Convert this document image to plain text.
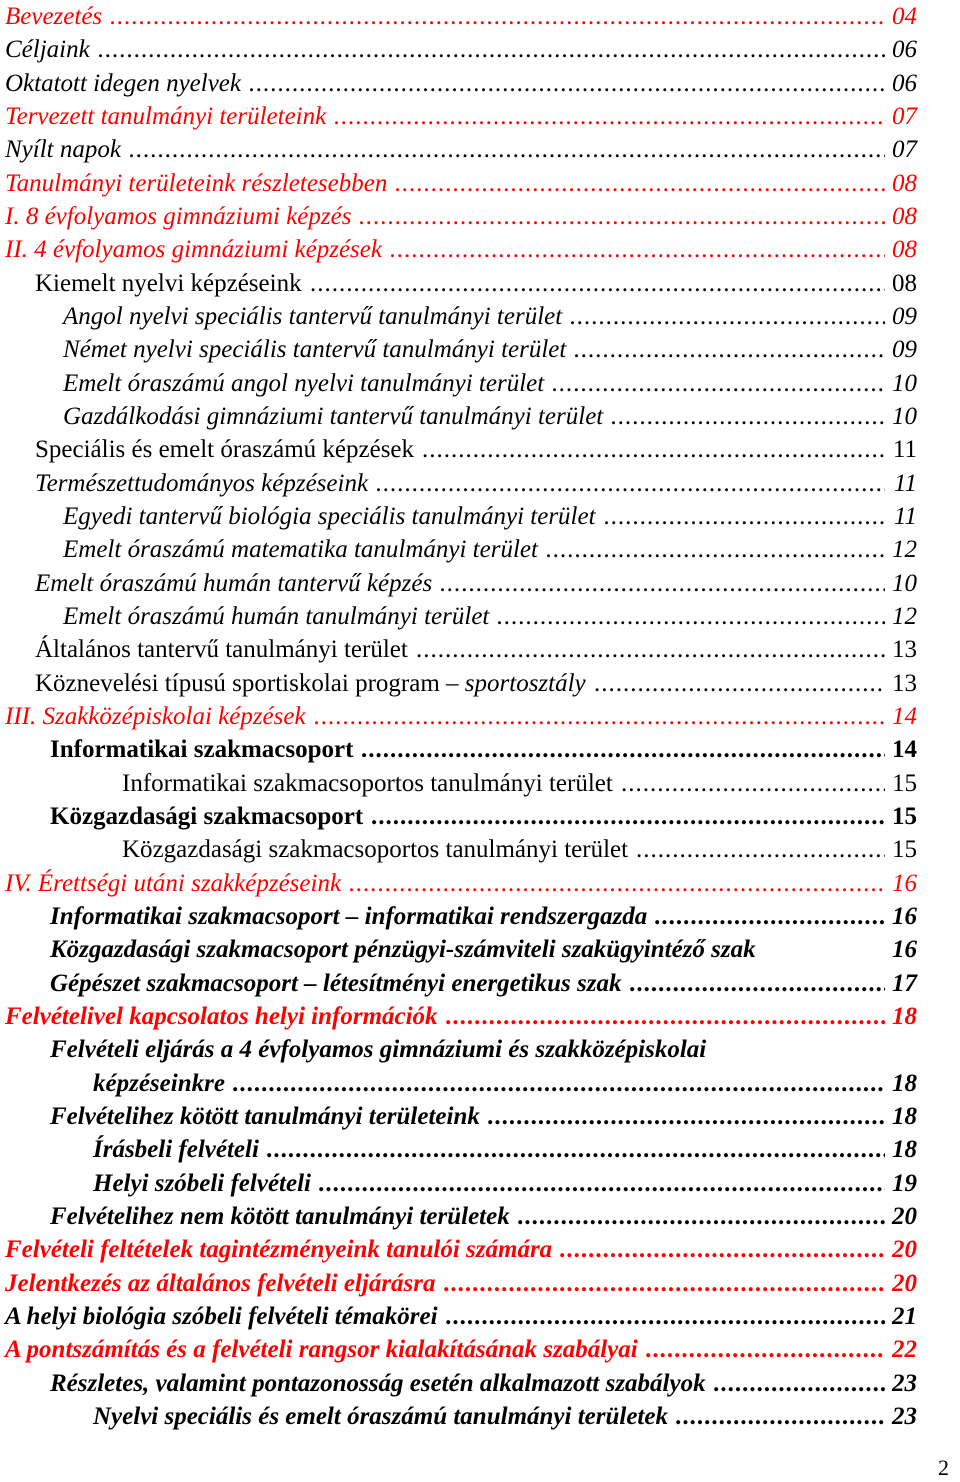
Bevezetés .....	04
Céljaink .....	06
Oktatott idegen nyelvek .....	06
Tervezett tanulmányi területeink .....	07
Nyílt napok .....	07
Tanulmányi területeink részletesebben .....	08
I. 8 évfolyamos gimnáziumi képzés .....	08
II. 4 évfolyamos gimnáziumi képzések .....	08
Kiemelt nyelvi képzéseink .....	08
Angol nyelvi speciális tantervű tanulmányi terület .....	09
Német nyelvi speciális tantervű tanulmányi terület .....	09
Emelt óraszámú angol nyelvi tanulmányi terület .....	10
Gazdálkodási gimnáziumi tantervű tanulmányi terület .....	10
Speciális és emelt óraszámú képzések .....	11
Természettudományos képzéseink .....	11
Egyedi tantervű biológia speciális tanulmányi terület .....	11
Emelt óraszámú matematika tanulmányi terület .....	12
Emelt óraszámú humán tantervű képzés .....	10
Emelt óraszámú humán tanulmányi terület .....	12
Általános tantervű tanulmányi terület .....	13
Köznevelési típusú sportiskolai program – sportosztály .....	13
III. Szakközépiskolai képzések .....	14
Informatikai szakmacsoport .....	14
Informatikai szakmacsoportos tanulmányi terület .....	15
Közgazdasági szakmacsoport .....	15
Közgazdasági szakmacsoportos tanulmányi terület .....	15
IV. Érettségi utáni szakképzéseink .....	16
Informatikai szakmacsoport – informatikai rendszergazda .....	16
Közgazdasági szakmacsoport pénzügyi-számviteli szakügyintéző szak	16
Gépészet szakmacsoport – létesítményi energetikus szak .....	17
Felvételivel kapcsolatos helyi információk .....	18
Felvételi eljárás a 4 évfolyamos gimnáziumi és szakközépiskolai
képzéseinkre .....	18
Felvételihez kötött tanulmányi területeink .....	18
Írásbeli felvételi .....	18
Helyi szóbeli felvételi .....	19
Felvételihez nem kötött tanulmányi területek .....	20
Felvételi feltételek tagintézményeink tanulói számára .....	20
Jelentkezés az általános felvételi eljárásra .....	20
A helyi biológia szóbeli felvételi témakörei .....	21
A pontszámítás és a felvételi rangsor kialakításának szabályai .....	22
Részletes, valamint pontazonosság esetén alkalmazott szabályok .....	23
Nyelvi speciális és emelt óraszámú tanulmányi területek .....	23
2
